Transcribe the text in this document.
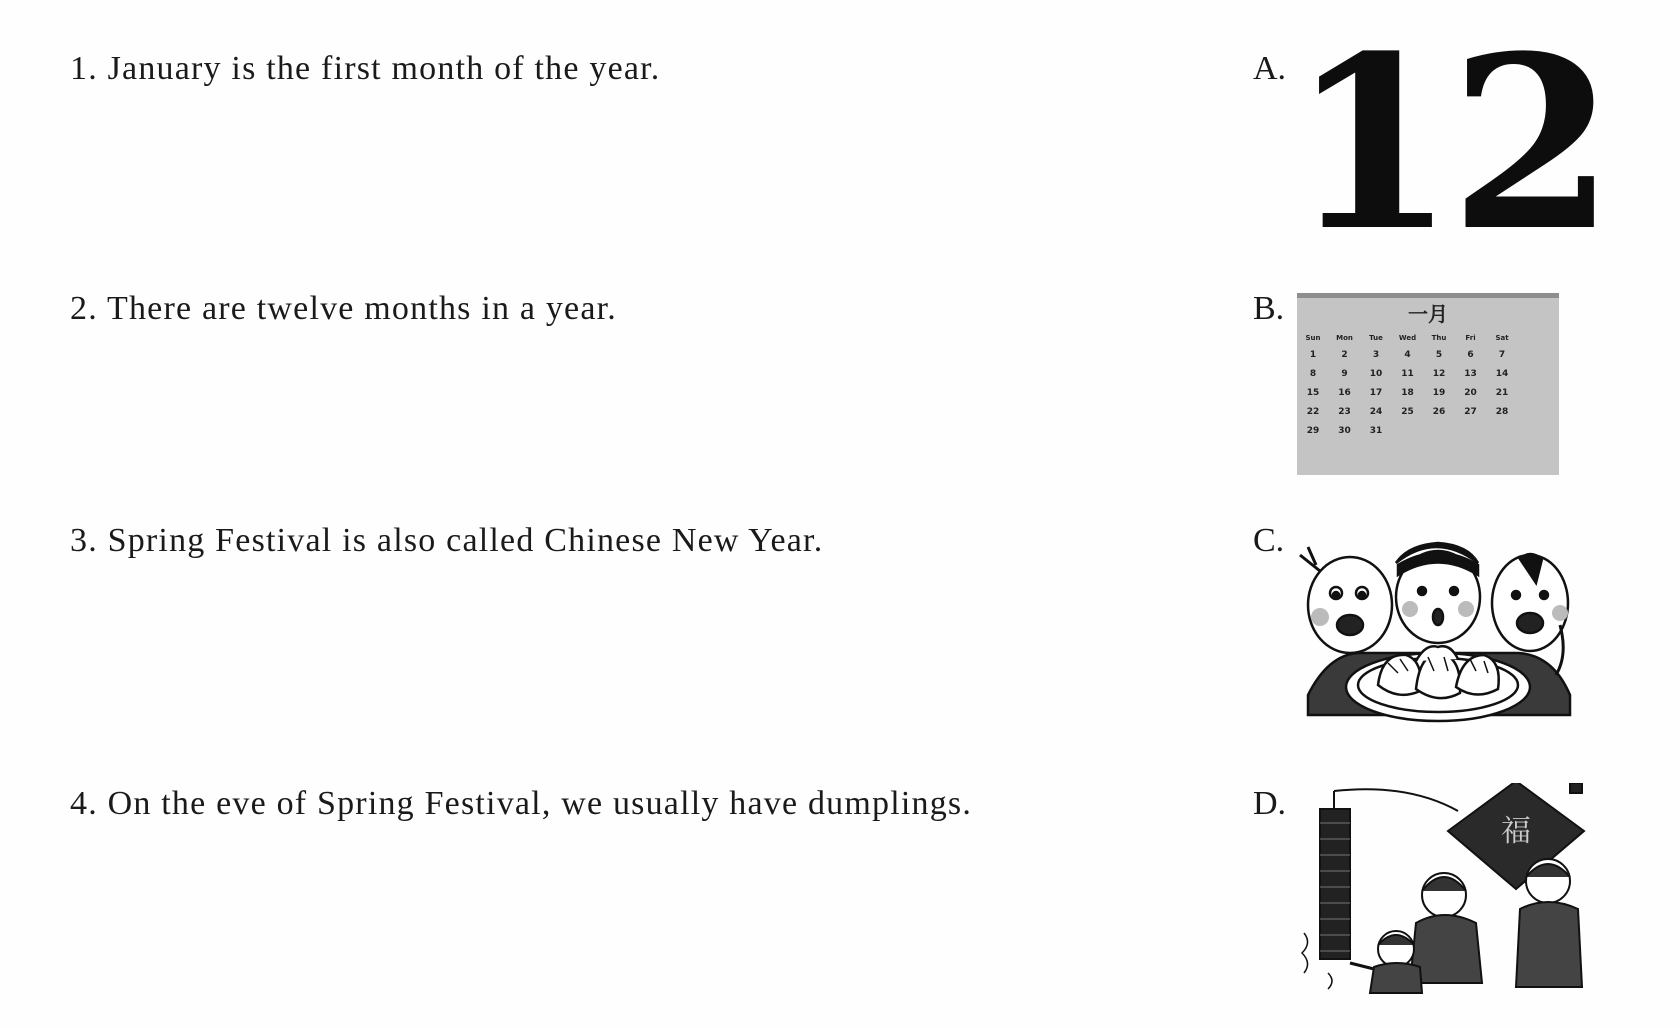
1. January is the first month of the year.
2. There are twelve months in a year.
3. Spring Festival is also called Chinese New Year.
4. On the eve of Spring Festival, we usually have dumplings.
A.
B.
C.
D.
12
一月
Sun Mon Tue Wed Thu	Fri	Sat
1	2	3	4	5	6	7
8	9 10 11 12 13 14
15 16 17 18 19 20 21
22 23 24 25 26 27 28
29 30 31
福
